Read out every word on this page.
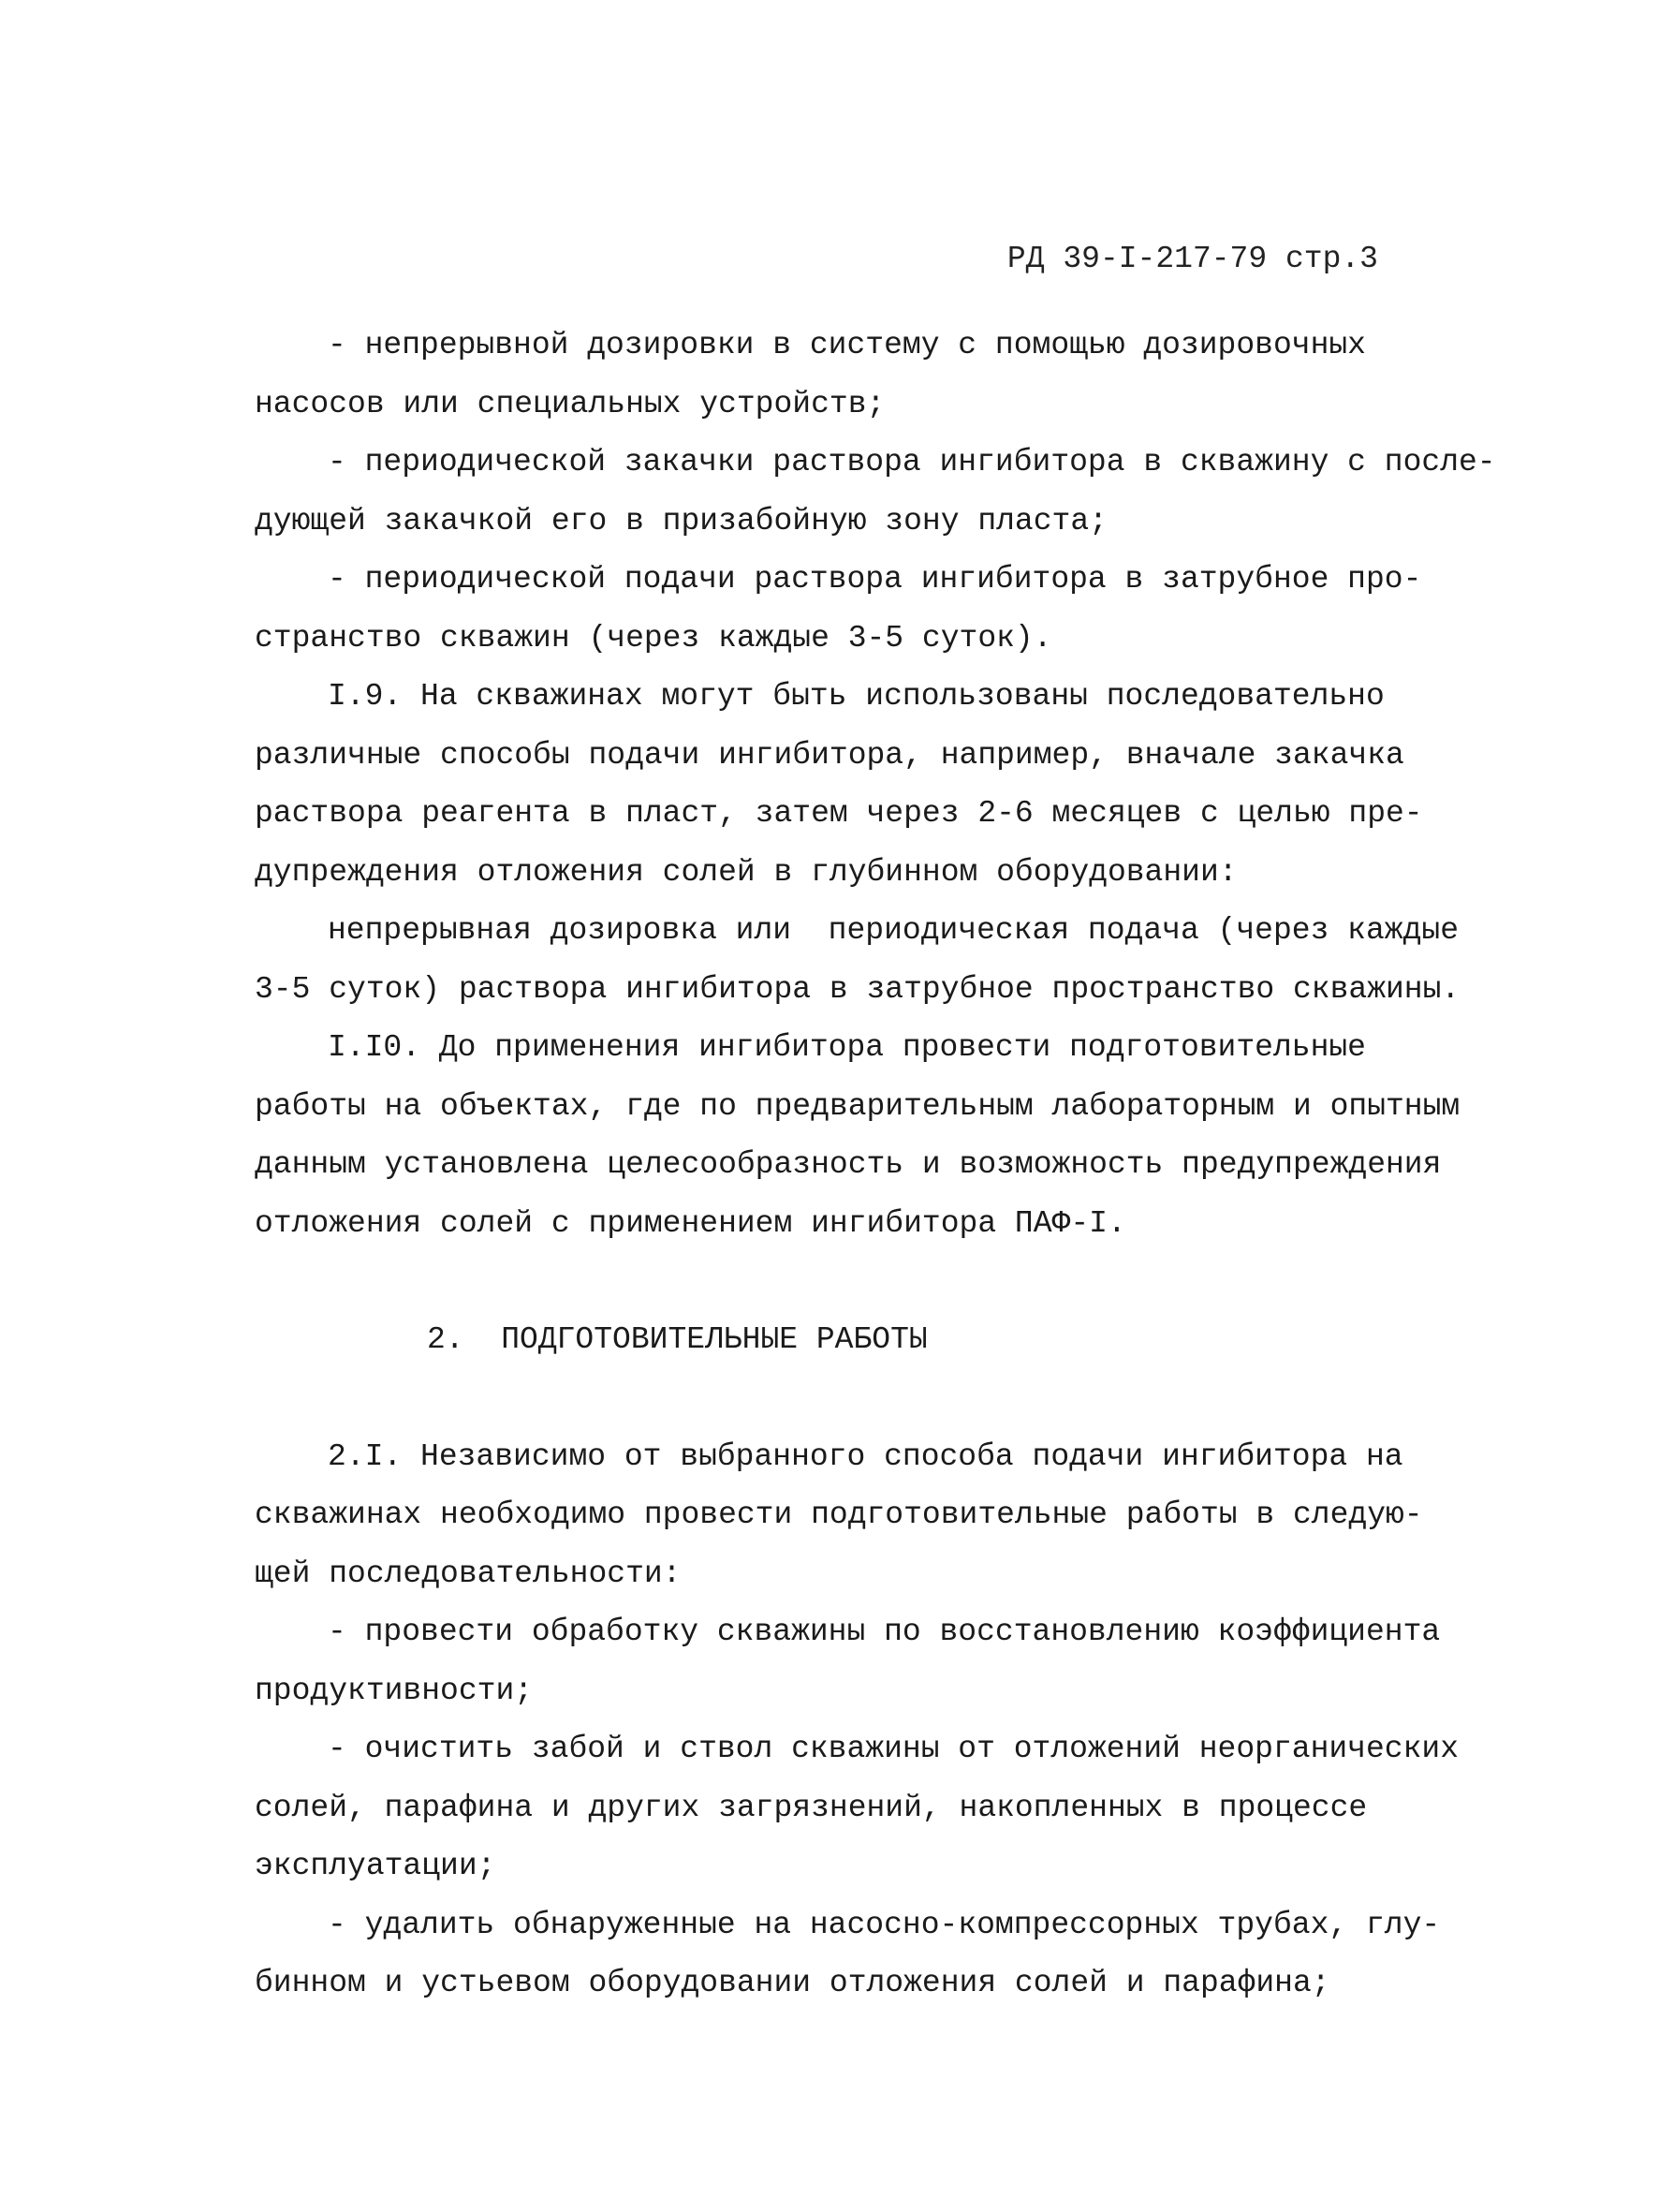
РД 39-I-217-79 стр.3

- непрерывной дозировки в систему с помощью дозировочных
насосов или специальных устройств;

- периодической закачки раствора ингибитора в скважину с после-
дующей закачкой его в призабойную зону пласта;

- периодической подачи раствора ингибитора в затрубное про-
странство скважин (через каждые 3-5 суток).

I.9. На скважинах могут быть использованы последовательно
различные способы подачи ингибитора, например, вначале закачка
раствора реагента в пласт, затем через 2-6 месяцев с целью пре-
дупреждения отложения солей в глубинном оборудовании:

непрерывная дозировка или  периодическая подача (через каждые
3-5 суток) раствора ингибитора в затрубное пространство скважины.

I.I0. До применения ингибитора провести подготовительные
работы на объектах, где по предварительным лабораторным и опытным
данным установлена целесообразность и возможность предупреждения
отложения солей с применением ингибитора ПАФ-I.

2.  ПОДГОТОВИТЕЛЬНЫЕ РАБОТЫ

2.I. Независимо от выбранного способа подачи ингибитора на
скважинах необходимо провести подготовительные работы в следую-
щей последовательности:

- провести обработку скважины по восстановлению коэффициента
продуктивности;

- очистить забой и ствол скважины от отложений неорганических
солей, парафина и других загрязнений, накопленных в процессе
эксплуатации;

- удалить обнаруженные на насосно-компрессорных трубах, глу-
бинном и устьевом оборудовании отложения солей и парафина;
